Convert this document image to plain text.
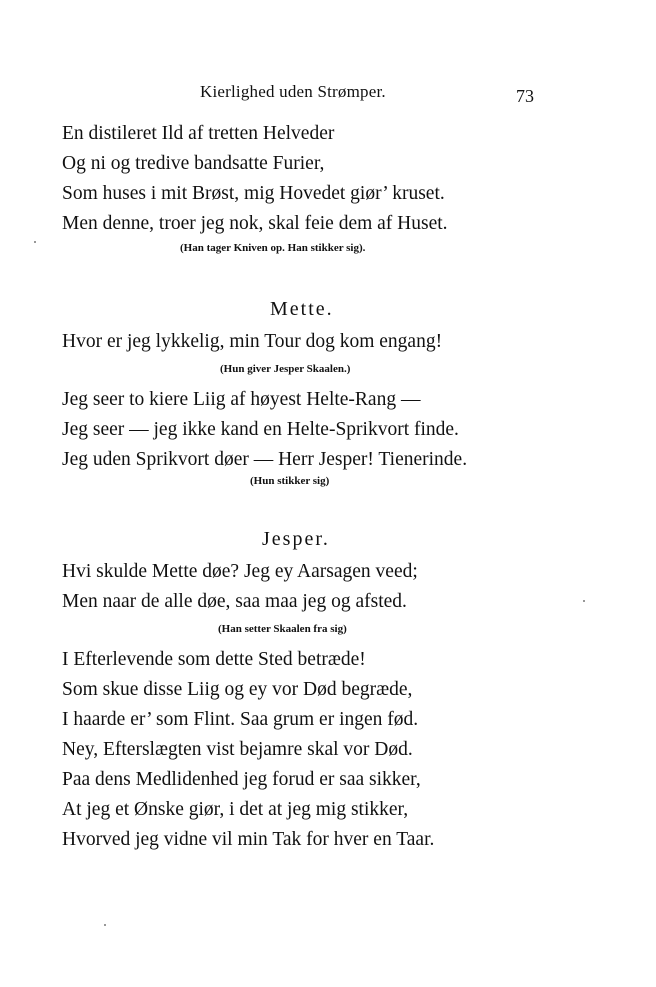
Kierlighed uden Strømper.	73
En distileret Ild af tretten Helveder
Og ni og tredive bandsatte Furier,
Som huses i mit Brøst, mig Hovedet giør’ kruset.
Men denne, troer jeg nok, skal feie dem af Huset.
(Han tager Kniven op. Han stikker sig).
Mette.
Hvor er jeg lykkelig, min Tour dog kom engang!
(Hun giver Jesper Skaalen.)
Jeg seer to kiere Liig af høyest Helte-Rang —
Jeg seer — jeg ikke kand en Helte-Sprikvort finde.
Jeg uden Sprikvort døer — Herr Jesper! Tienerinde.
(Hun stikker sig)
Jesper.
Hvi skulde Mette døe? Jeg ey Aarsagen veed;
Men naar de alle døe, saa maa jeg og afsted.
(Han setter Skaalen fra sig)
I Efterlevende som dette Sted betræde!
Som skue disse Liig og ey vor Død begræde,
I haarde er’ som Flint. Saa grum er ingen fød.
Ney, Efterslægten vist bejamre skal vor Død.
Paa dens Medlidenhed jeg forud er saa sikker,
At jeg et Ønske giør, i det at jeg mig stikker,
Hvorved jeg vidne vil min Tak for hver en Taar.
